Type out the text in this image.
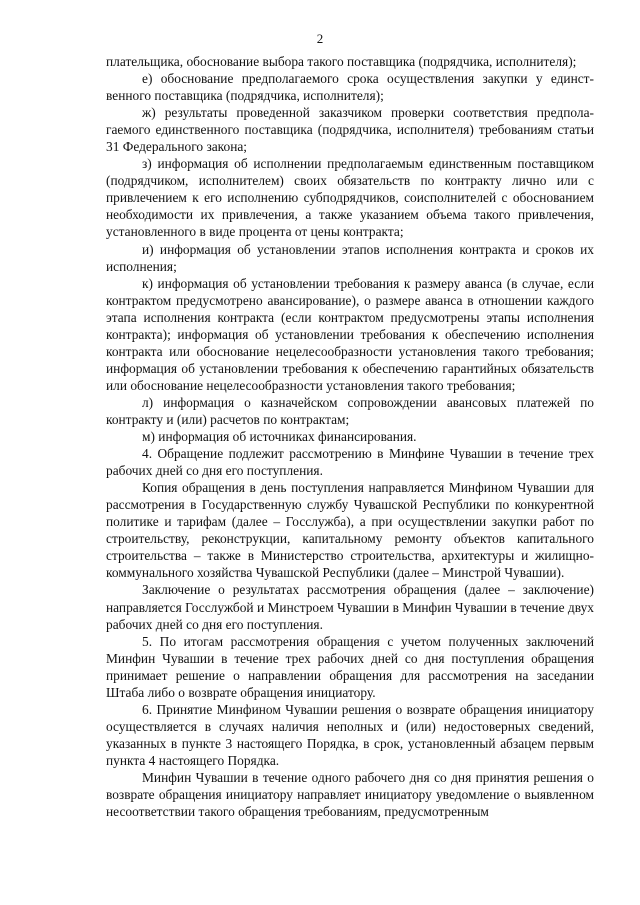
2

плательщика, обоснование выбора такого поставщика (подрядчика, исполнителя);

е) обоснование предполагаемого срока осуществления закупки у единственного поставщика (подрядчика, исполнителя);

ж) результаты проведенной заказчиком проверки соответствия предполагаемого единственного поставщика (подрядчика, исполнителя) требованиям статьи 31 Федерального закона;

з) информация об исполнении предполагаемым единственным поставщиком (подрядчиком, исполнителем) своих обязательств по контракту лично или с привлечением к его исполнению субподрядчиков, соисполнителей с обоснованием необходимости их привлечения, а также указанием объема такого привлечения, установленного в виде процента от цены контракта;

и) информация об установлении этапов исполнения контракта и сроков их исполнения;

к) информация об установлении требования к размеру аванса (в случае, если контрактом предусмотрено авансирование), о размере аванса в отношении каждого этапа исполнения контракта (если контрактом предусмотрены этапы исполнения контракта); информация об установлении требования к обеспечению исполнения контракта или обоснование нецелесообразности установления такого требования; информация об установлении требования к обеспечению гарантийных обязательств или обоснование нецелесообразности установления такого требования;

л) информация о казначейском сопровождении авансовых платежей по контракту и (или) расчетов по контрактам;

м) информация об источниках финансирования.

4. Обращение подлежит рассмотрению в Минфине Чувашии в течение трех рабочих дней со дня его поступления.

Копия обращения в день поступления направляется Минфином Чувашии для рассмотрения в Государственную службу Чувашской Республики по конкурентной политике и тарифам (далее – Госслужба), а при осуществлении закупки работ по строительству, реконструкции, капитальному ремонту объектов капитального строительства – также в Министерство строительства, архитектуры и жилищно-коммунального хозяйства Чувашской Республики (далее – Минстрой Чувашии).

Заключение о результатах рассмотрения обращения (далее – заключение) направляется Госслужбой и Минстроем Чувашии в Минфин Чувашии в течение двух рабочих дней со дня его поступления.

5. По итогам рассмотрения обращения с учетом полученных заключений Минфин Чувашии в течение трех рабочих дней со дня поступления обращения принимает решение о направлении обращения для рассмотрения на заседании Штаба либо о возврате обращения инициатору.

6. Принятие Минфином Чувашии решения о возврате обращения инициатору осуществляется в случаях наличия неполных и (или) недостоверных сведений, указанных в пункте 3 настоящего Порядка, в срок, установленный абзацем первым пункта 4 настоящего Порядка.

Минфин Чувашии в течение одного рабочего дня со дня принятия решения о возврате обращения инициатору направляет инициатору уведомление о выявленном несоответствии такого обращения требованиям, предусмотренным
